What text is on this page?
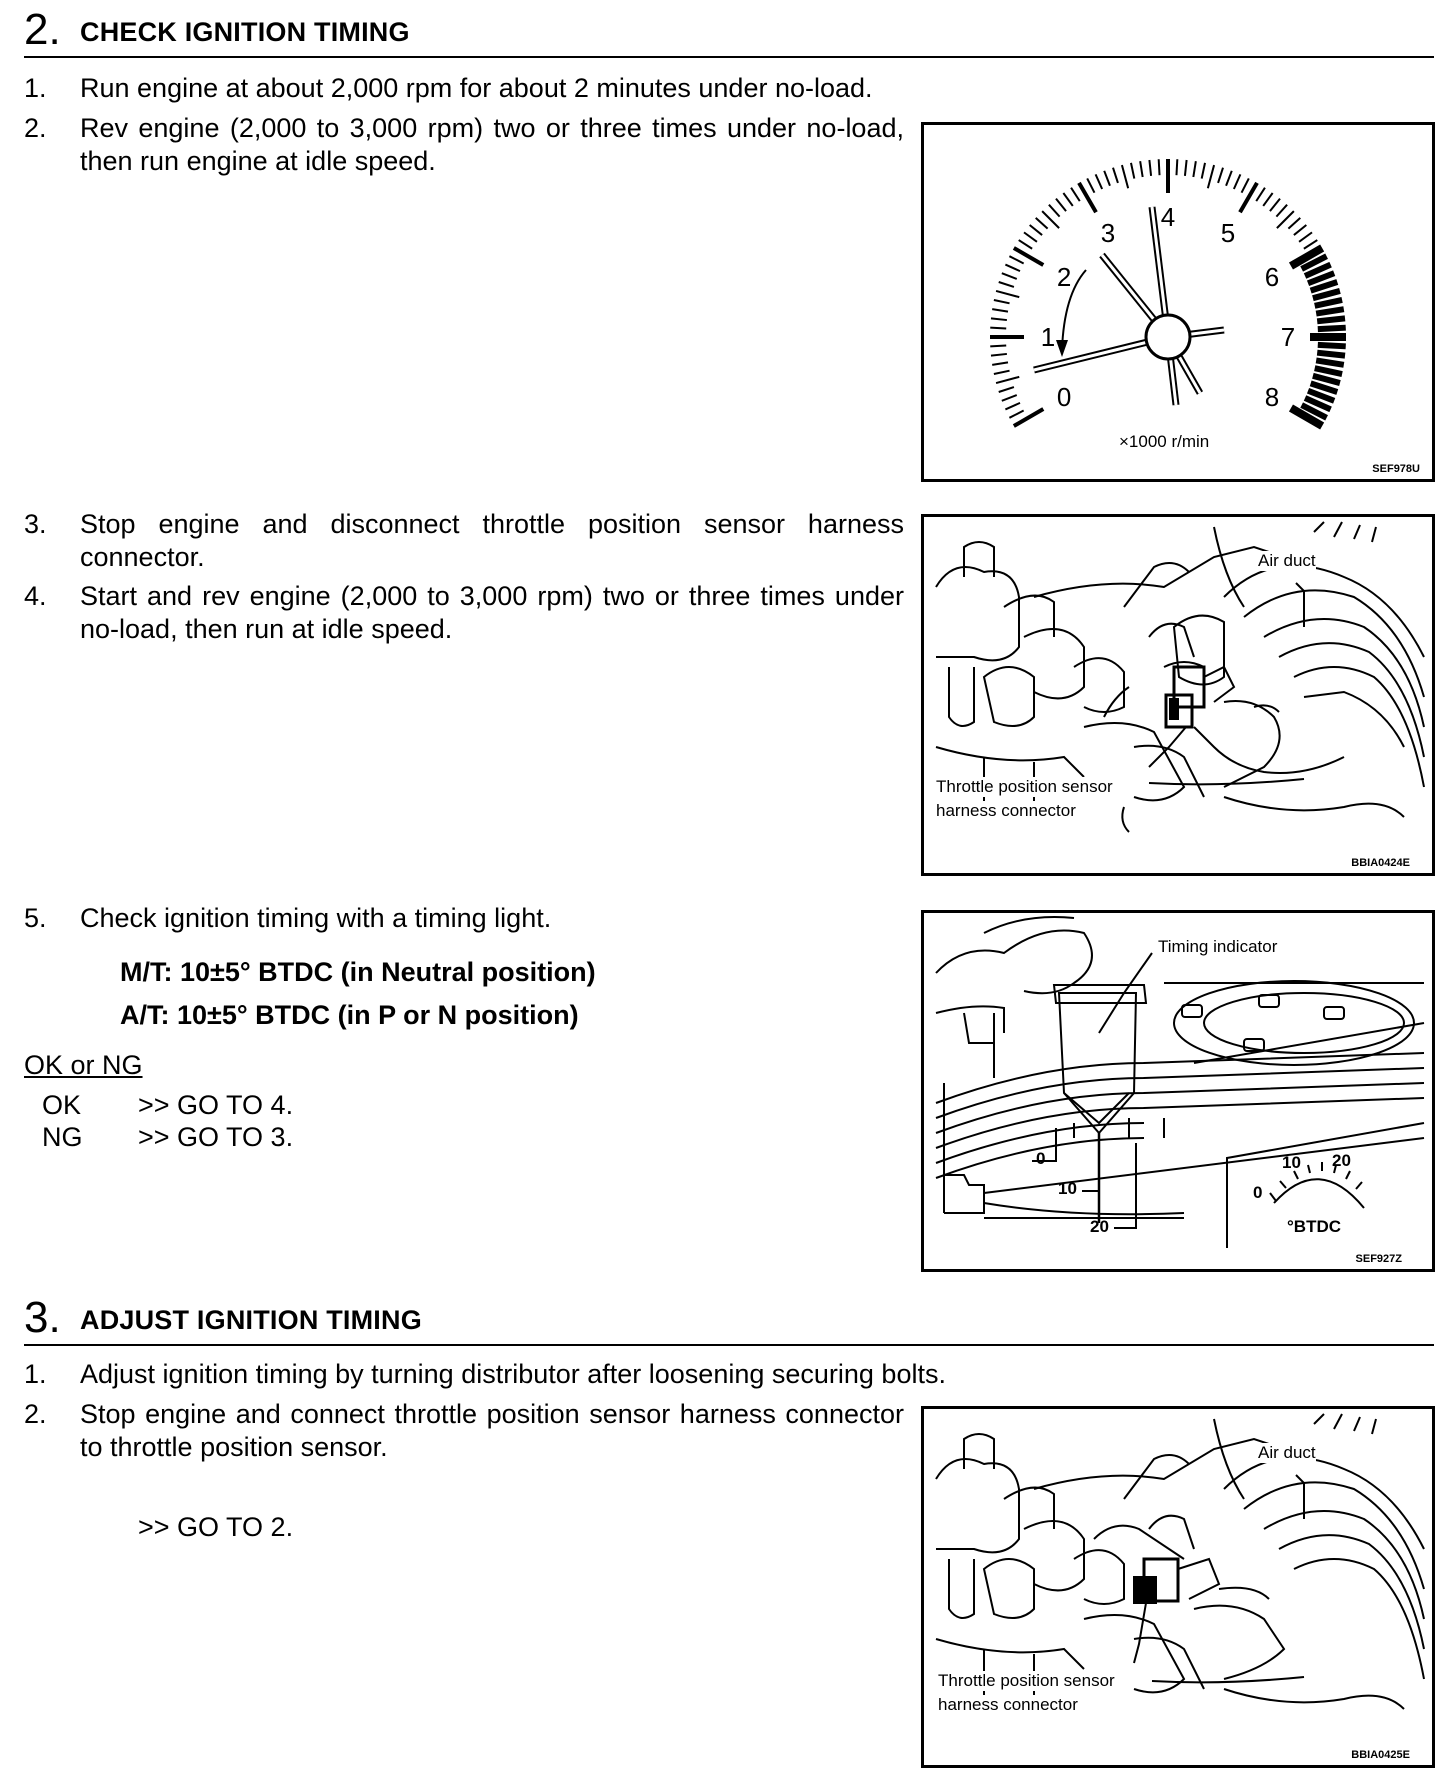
2. CHECK IGNITION TIMING
1.	Run engine at about 2,000 rpm for about 2 minutes under no-load.
2.	Rev engine (2,000 to 3,000 rpm) two or three times under no-load, then run engine at idle speed.
3.	Stop engine and disconnect throttle position sensor harness connector.
4.	Start and rev engine (2,000 to 3,000 rpm) two or three times under no-load, then run at idle speed.
5.	Check ignition timing with a timing light.
M/T: 10±5° BTDC (in Neutral position)
A/T: 10±5° BTDC (in P or N position)
OK or NG
OK >> GO TO 4.
NG >> GO TO 3.
3. ADJUST IGNITION TIMING
1.	Adjust ignition timing by turning distributor after loosening securing bolts.
2.	Stop engine and connect throttle position sensor harness connector to throttle position sensor.
>> GO TO 2.
0
1
2
3
4
5
6
7
8
×1000 r/min
SEF978U
Air duct
Throttle position sensor
harness connector
BBIA0424E
Timing indicator
0
10
20
0
10 20
°BTDC
SEF927Z
Air duct
Throttle position sensor
harness connector
BBIA0425E
